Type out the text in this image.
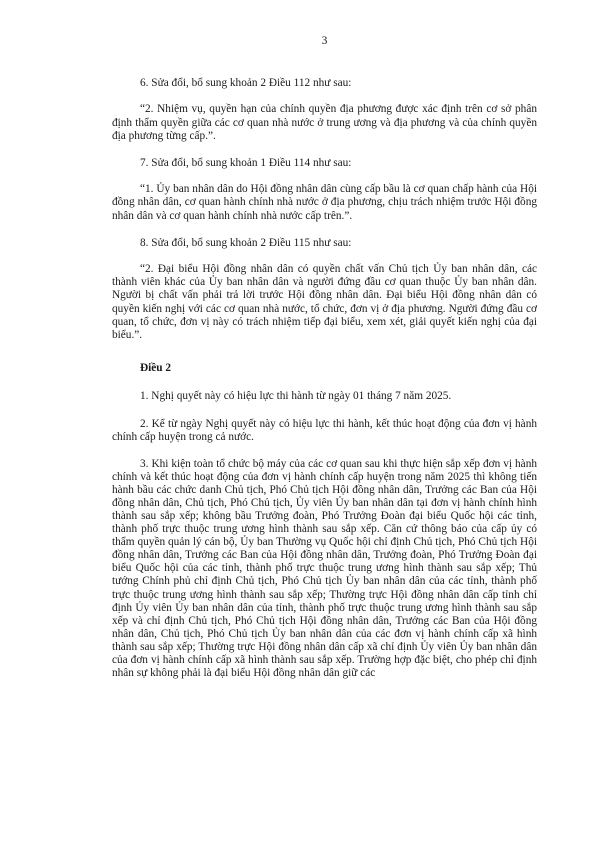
3

6. Sửa đổi, bổ sung khoản 2 Điều 112 như sau:

“2. Nhiệm vụ, quyền hạn của chính quyền địa phương được xác định trên cơ sở phân định thẩm quyền giữa các cơ quan nhà nước ở trung ương và địa phương và của chính quyền địa phương từng cấp.”.

7. Sửa đổi, bổ sung khoản 1 Điều 114 như sau:

“1. Ủy ban nhân dân do Hội đồng nhân dân cùng cấp bầu là cơ quan chấp hành của Hội đồng nhân dân, cơ quan hành chính nhà nước ở địa phương, chịu trách nhiệm trước Hội đồng nhân dân và cơ quan hành chính nhà nước cấp trên.”.

8. Sửa đổi, bổ sung khoản 2 Điều 115 như sau:

“2. Đại biểu Hội đồng nhân dân có quyền chất vấn Chủ tịch Ủy ban nhân dân, các thành viên khác của Ủy ban nhân dân và người đứng đầu cơ quan thuộc Ủy ban nhân dân. Người bị chất vấn phải trả lời trước Hội đồng nhân dân. Đại biểu Hội đồng nhân dân có quyền kiến nghị với các cơ quan nhà nước, tổ chức, đơn vị ở địa phương. Người đứng đầu cơ quan, tổ chức, đơn vị này có trách nhiệm tiếp đại biểu, xem xét, giải quyết kiến nghị của đại biểu.”.

Điều 2

1. Nghị quyết này có hiệu lực thi hành từ ngày 01 tháng 7 năm 2025.

2. Kể từ ngày Nghị quyết này có hiệu lực thi hành, kết thúc hoạt động của đơn vị hành chính cấp huyện trong cả nước.

3. Khi kiện toàn tổ chức bộ máy của các cơ quan sau khi thực hiện sắp xếp đơn vị hành chính và kết thúc hoạt động của đơn vị hành chính cấp huyện trong năm 2025 thì không tiến hành bầu các chức danh Chủ tịch, Phó Chủ tịch Hội đồng nhân dân, Trưởng các Ban của Hội đồng nhân dân, Chủ tịch, Phó Chủ tịch, Ủy viên Ủy ban nhân dân tại đơn vị hành chính hình thành sau sắp xếp; không bầu Trưởng đoàn, Phó Trưởng Đoàn đại biểu Quốc hội các tỉnh, thành phố trực thuộc trung ương hình thành sau sắp xếp. Căn cứ thông báo của cấp ủy có thẩm quyền quản lý cán bộ, Ủy ban Thường vụ Quốc hội chỉ định Chủ tịch, Phó Chủ tịch Hội đồng nhân dân, Trưởng các Ban của Hội đồng nhân dân, Trưởng đoàn, Phó Trưởng Đoàn đại biểu Quốc hội của các tỉnh, thành phố trực thuộc trung ương hình thành sau sắp xếp; Thủ tướng Chính phủ chỉ định Chủ tịch, Phó Chủ tịch Ủy ban nhân dân của các tỉnh, thành phố trực thuộc trung ương hình thành sau sắp xếp; Thường trực Hội đồng nhân dân cấp tỉnh chỉ định Ủy viên Ủy ban nhân dân của tỉnh, thành phố trực thuộc trung ương hình thành sau sắp xếp và chỉ định Chủ tịch, Phó Chủ tịch Hội đồng nhân dân, Trưởng các Ban của Hội đồng nhân dân, Chủ tịch, Phó Chủ tịch Ủy ban nhân dân của các đơn vị hành chính cấp xã hình thành sau sắp xếp; Thường trực Hội đồng nhân dân cấp xã chỉ định Ủy viên Ủy ban nhân dân của đơn vị hành chính cấp xã hình thành sau sắp xếp. Trường hợp đặc biệt, cho phép chỉ định nhân sự không phải là đại biểu Hội đồng nhân dân giữ các
